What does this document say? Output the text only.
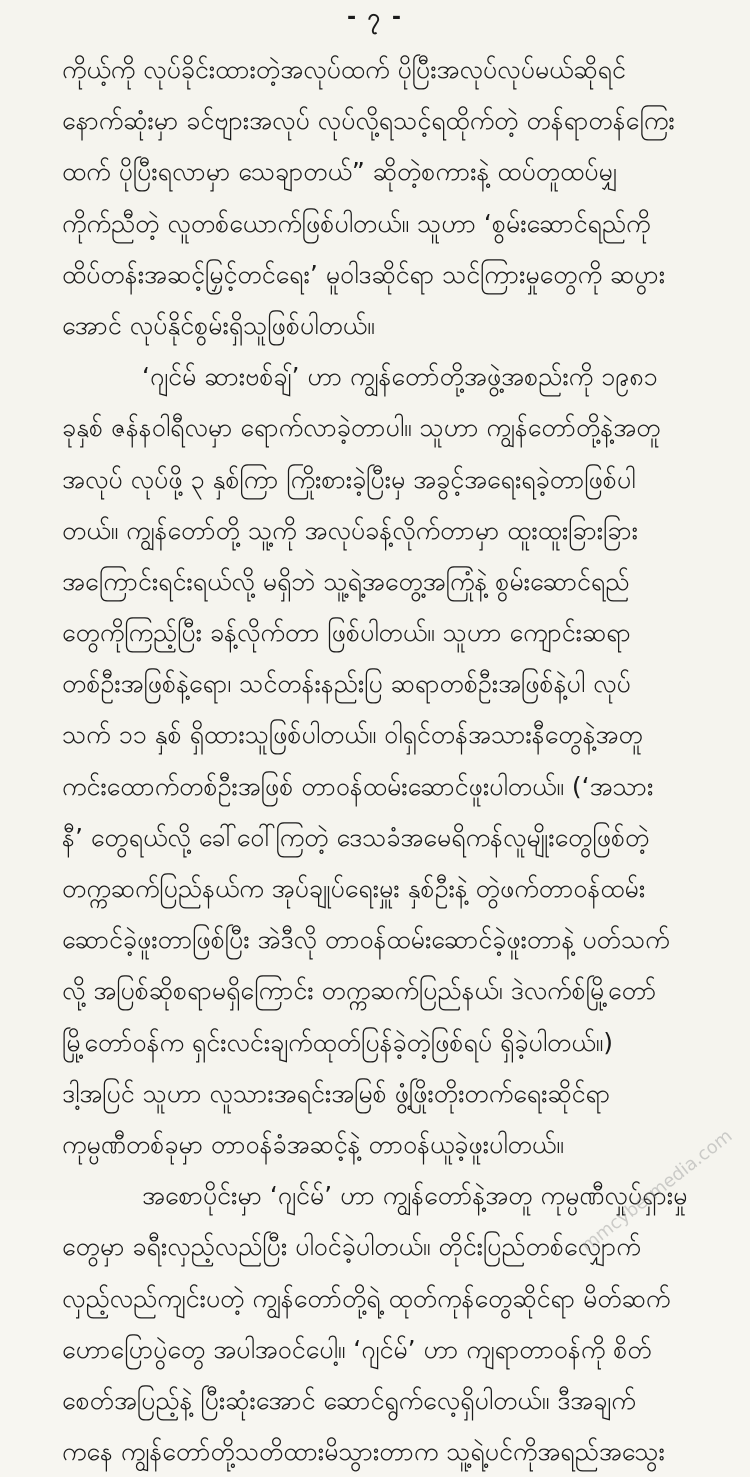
- ၇ -
ကိုယ့်ကို လုပ်ခိုင်းထားတဲ့အလုပ်ထက် ပိုပြီးအလုပ်လုပ်မယ်ဆိုရင်
နောက်ဆုံးမှာ ခင်ဗျားအလုပ် လုပ်လို့ရသင့်ရထိုက်တဲ့ တန်ရာတန်ကြေး
ထက် ပိုပြီးရလာမှာ သေချာတယ်” ဆိုတဲ့စကားနဲ့ ထပ်တူထပ်မျှ
ကိုက်ညီတဲ့ လူတစ်ယောက်ဖြစ်ပါတယ်။ သူဟာ ‘စွမ်းဆောင်ရည်ကို
ထိပ်တန်းအဆင့်မြှင့်တင်ရေး’ မူဝါဒဆိုင်ရာ သင်ကြားမှုတွေကို ဆပွား
အောင် လုပ်နိုင်စွမ်းရှိသူဖြစ်ပါတယ်။
‘ဂျင်မ် ဆားဗစ်ချ်’ ဟာ ကျွန်တော်တို့အဖွဲ့အစည်းကို ၁၉၈၁
ခုနှစ် ဇန်နဝါရီလမှာ ရောက်လာခဲ့တာပါ။ သူဟာ ကျွန်တော်တို့နဲ့အတူ
အလုပ် လုပ်ဖို့ ၃ နှစ်ကြာ ကြိုးစားခဲ့ပြီးမှ အခွင့်အရေးရခဲ့တာဖြစ်ပါ
တယ်။ ကျွန်တော်တို့ သူ့ကို အလုပ်ခန့်လိုက်တာမှာ ထူးထူးခြားခြား
အကြောင်းရင်းရယ်လို့ မရှိဘဲ သူ့ရဲ့အတွေ့အကြုံနဲ့ စွမ်းဆောင်ရည်
တွေကိုကြည့်ပြီး ခန့်လိုက်တာ ဖြစ်ပါတယ်။ သူဟာ ကျောင်းဆရာ
တစ်ဦးအဖြစ်နဲ့ရော၊ သင်တန်းနည်းပြ ဆရာတစ်ဦးအဖြစ်နဲ့ပါ လုပ်
သက် ၁၁ နှစ် ရှိထားသူဖြစ်ပါတယ်။ ဝါရှင်တန်အသားနီတွေနဲ့အတူ
ကင်းထောက်တစ်ဦးအဖြစ် တာဝန်ထမ်းဆောင်ဖူးပါတယ်။ (‘အသား
နီ’ တွေရယ်လို့ ခေါ်ဝေါ်ကြတဲ့ ဒေသခံအမေရိကန်လူမျိုးတွေဖြစ်တဲ့
တက္ကဆက်ပြည်နယ်က အုပ်ချုပ်ရေးမှူး နှစ်ဦးနဲ့ တွဲဖက်တာဝန်ထမ်း
ဆောင်ခဲ့ဖူးတာဖြစ်ပြီး အဲဒီလို တာဝန်ထမ်းဆောင်ခဲ့ဖူးတာနဲ့ ပတ်သက်
လို့ အပြစ်ဆိုစရာမရှိကြောင်း တက္ကဆက်ပြည်နယ်၊ ဒဲလက်စ်မြို့တော်
မြို့တော်ဝန်က ရှင်းလင်းချက်ထုတ်ပြန်ခဲ့တဲ့ဖြစ်ရပ် ရှိခဲ့ပါတယ်။)
ဒါ့အပြင် သူဟာ လူသားအရင်းအမြစ် ဖွံ့ဖြိုးတိုးတက်ရေးဆိုင်ရာ
ကုမ္ပဏီတစ်ခုမှာ တာဝန်ခံအဆင့်နဲ့ တာဝန်ယူခဲ့ဖူးပါတယ်။
အစောပိုင်းမှာ ‘ဂျင်မ်’ ဟာ ကျွန်တော်နဲ့အတူ ကုမ္ပဏီလှုပ်ရှားမှု
တွေမှာ ခရီးလှည့်လည်ပြီး ပါဝင်ခဲ့ပါတယ်။ တိုင်းပြည်တစ်လျှောက်
လှည့်လည်ကျင်းပတဲ့ ကျွန်တော်တို့ရဲ့ ထုတ်ကုန်တွေဆိုင်ရာ မိတ်ဆက်
ဟောပြောပွဲတွေ အပါအဝင်ပေါ့။ ‘ဂျင်မ်’ ဟာ ကျရာတာဝန်ကို စိတ်
စေတ်အပြည့်နဲ့ ပြီးဆုံးအောင် ဆောင်ရွက်လေ့ရှိပါတယ်။ ဒီအချက်
ကနေ ကျွန်တော်တို့သတိထားမိသွားတာက သူ့ရဲ့ပင်ကိုအရည်အသွေး
mmcybermedia.com
